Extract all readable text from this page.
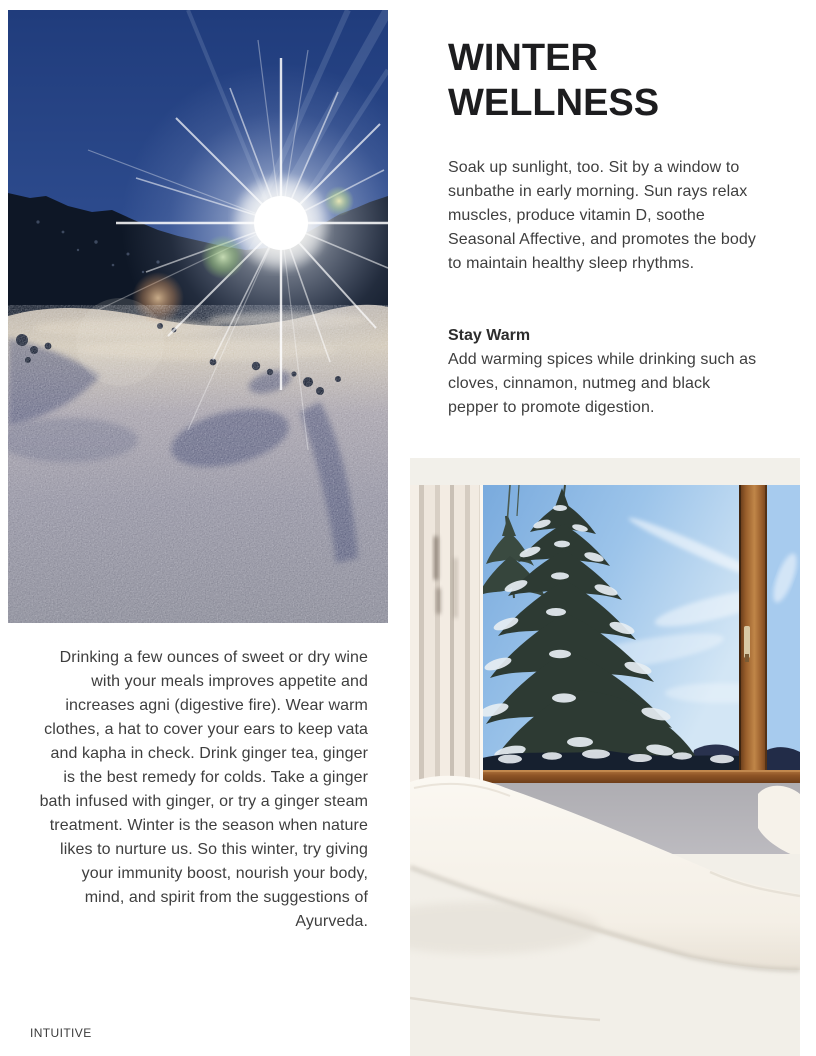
WINTER WELLNESS

Soak up sunlight, too. Sit by a window to sunbathe in early morning. Sun rays relax muscles, produce vitamin D, soothe Seasonal Affective, and promotes the body to maintain healthy sleep rhythms.

Stay Warm

Add warming spices while drinking such as cloves, cinnamon, nutmeg and black pepper to promote digestion.

Drinking a few ounces of sweet or dry wine with your meals improves appetite and increases agni (digestive fire). Wear warm clothes, a hat to cover your ears to keep vata and kapha in check. Drink ginger tea, ginger is the best remedy for colds. Take a ginger bath infused with ginger, or try a ginger steam treatment. Winter is the season when nature likes to nurture us. So this winter, try giving your immunity boost, nourish your body, mind, and spirit from the suggestions of Ayurveda.

INTUITIVE
